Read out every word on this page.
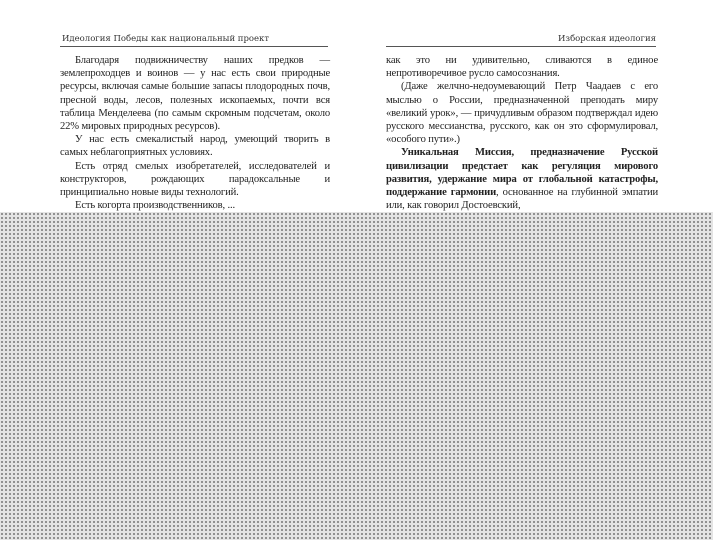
Идеология Победы как национальный проект

Благодаря подвижничеству наших предков — землепроходцев и воинов — у нас есть свои природные ресурсы, включая самые большие запасы плодородных почв, пресной воды, лесов, полезных ископаемых, почти вся таблица Менделеева (по самым скромным подсчетам, около 22% мировых природных ресурсов).

У нас есть смекалистый народ, умеющий творить в самых неблагоприятных условиях.

Есть отряд смелых изобретателей, исследователей и конструкторов, рождающих парадоксальные и принципиально новые виды технологий.

Есть когорта производственников, ...

Изборская идеология

как это ни удивительно, сливаются в единое непротиворечивое русло самосознания.

(Даже желчно-недоумевающий Петр Чаадаев с его мыслью о России, предназначенной преподать миру «великий урок», — причудливым образом подтверждал идею русского мессианства, русского, как он это сформулировал, «особого пути».)

Уникальная Миссия, предназначение Русской цивилизации предстает как регуляция мирового развития, удержание мира от глобальной катастрофы, поддержание гармонии, основанное на глубинной эмпатии или, как говорил Достоевский,
